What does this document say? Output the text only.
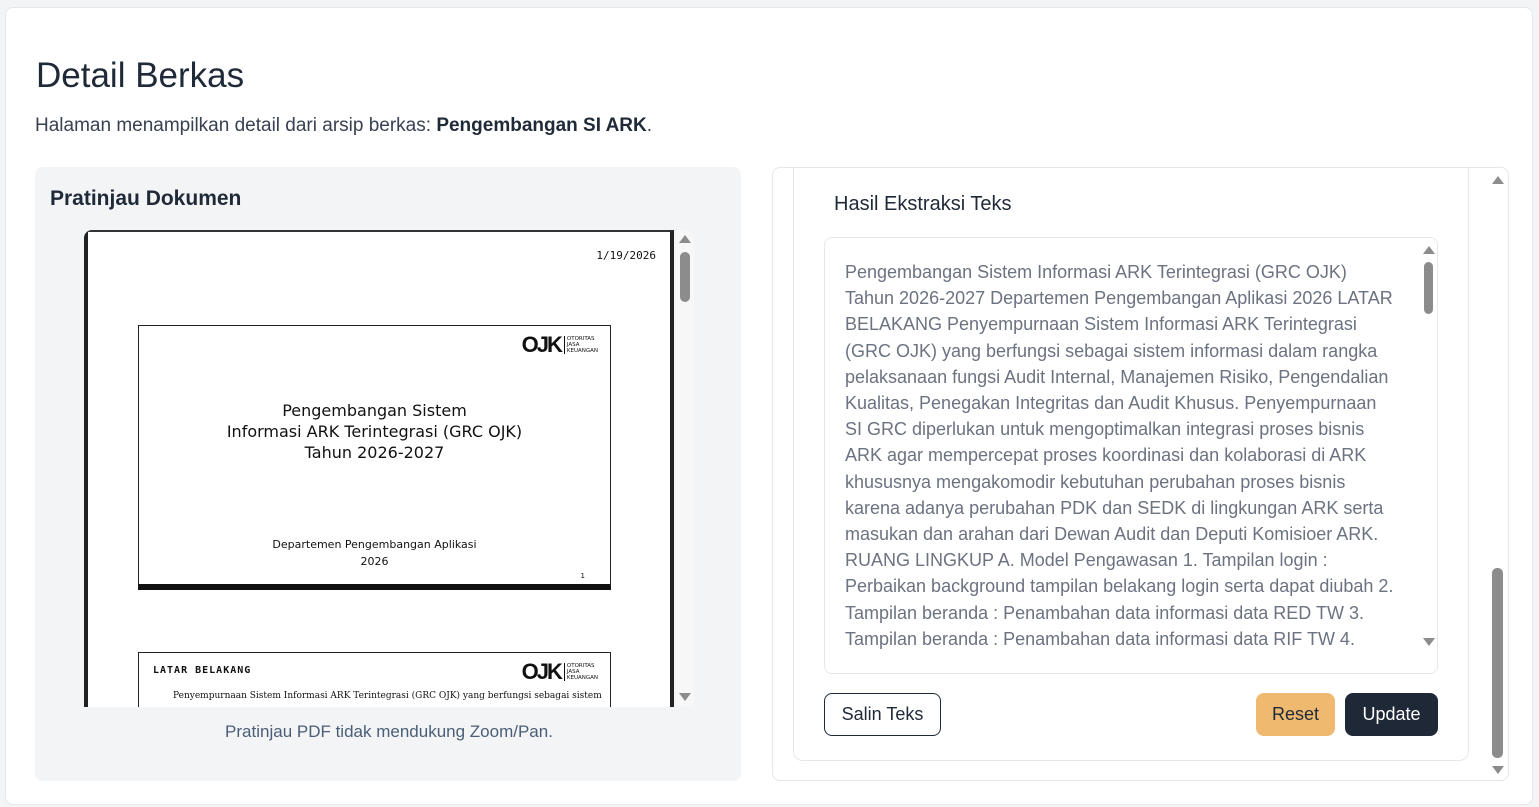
Detail Berkas

Halaman menampilkan detail dari arsip berkas: Pengembangan SI ARK.

Pratinjau Dokumen
1/19/2026
OJK	OTORITAS
JASA
KEUANGAN
Pengembangan Sistem
Informasi ARK Terintegrasi (GRC OJK)
Tahun 2026-2027
Departemen Pengembangan Aplikasi
2026
1
OJK	OTORITAS
JASA
KEUANGAN
LATAR BELAKANG
Penyempurnaan Sistem Informasi ARK Terintegrasi (GRC OJK) yang berfungsi sebagai sistem
Pratinjau PDF tidak mendukung Zoom/Pan.
Hasil Ekstraksi Teks
Pengembangan Sistem Informasi ARK Terintegrasi (GRC OJK) Tahun 2026-2027 Departemen Pengembangan Aplikasi 2026 LATAR BELAKANG Penyempurnaan Sistem Informasi ARK Terintegrasi (GRC OJK) yang berfungsi sebagai sistem informasi dalam rangka pelaksanaan fungsi Audit Internal, Manajemen Risiko, Pengendalian Kualitas, Penegakan Integritas dan Audit Khusus. Penyempurnaan SI GRC diperlukan untuk mengoptimalkan integrasi proses bisnis ARK agar mempercepat proses koordinasi dan kolaborasi di ARK khususnya mengakomodir kebutuhan perubahan proses bisnis karena adanya perubahan PDK dan SEDK di lingkungan ARK serta masukan dan arahan dari Dewan Audit dan Deputi Komisioer ARK. RUANG LINGKUP A. Model Pengawasan 1. Tampilan login : Perbaikan background tampilan belakang login serta dapat diubah 2. Tampilan beranda : Penambahan data informasi data RED TW 3. Tampilan beranda : Penambahan data informasi data RIF TW 4.
Salin Teks	Reset	Update
